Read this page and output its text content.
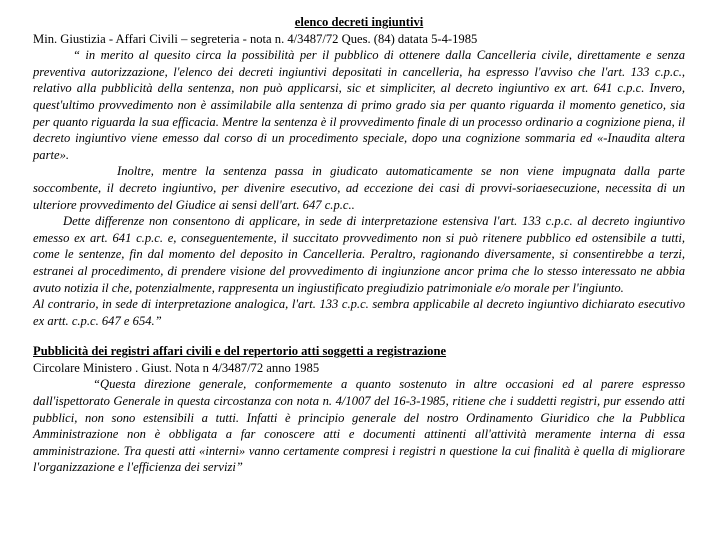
elenco decreti ingiuntivi

Min. Giustizia - Affari Civili – segreteria - nota n. 4/3487/72 Ques. (84) datata 5-4-1985

“ in merito al quesito circa la possibilità per il pubblico di ottenere dalla Cancelleria civile, direttamente e senza preventiva autorizzazione, l'elenco dei decreti ingiuntivi depositati in cancelleria, ha espresso l'avviso che l'art. 133 c.p.c., relativo alla pubblicità della sentenza, non può applicarsi, sic et simpliciter, al decreto ingiuntivo ex art. 641 c.p.c. Invero, quest'ultimo provvedimento non è assimilabile alla sentenza di primo grado sia per quanto riguarda il momento genetico, sia per quanto riguarda la sua efficacia. Mentre la sentenza è il provvedimento finale di un processo ordinario a cognizione piena, il decreto ingiuntivo viene emesso dal corso di un procedimento speciale, dopo una cognizione sommaria ed «-Inaudita altera parte».

Inoltre, mentre la sentenza passa in giudicato automaticamente se non viene impugnata dalla parte soccombente, il decreto ingiuntivo, per divenire esecutivo, ad eccezione dei casi di provvi-soriaesecuzione, necessita di un ulteriore provvedimento del Giudice ai sensi dell'art. 647 c.p.c..

Dette differenze non consentono di applicare, in sede di interpretazione estensiva l'art. 133 c.p.c. al decreto ingiuntivo emesso ex art. 641 c.p.c. e, conseguentemente, il succitato provvedimento non si può ritenere pubblico ed ostensibile a tutti, come le sentenze, fin dal momento del deposito in Cancelleria. Peraltro, ragionando diversamente, si consentirebbe a terzi, estranei al procedimento, di prendere visione del provvedimento di ingiunzione ancor prima che lo stesso interessato ne abbia avuto notizia il che, potenzialmente, rappresenta un ingiustificato pregiudizio patrimoniale e/o morale per l'ingiunto.

Al contrario, in sede di interpretazione analogica, l'art. 133 c.p.c. sembra applicabile al decreto ingiuntivo dichiarato esecutivo ex artt. c.p.c. 647 e 654.”

Pubblicità dei registri affari civili e del repertorio atti soggetti a registrazione

Circolare Ministero . Giust. Nota n 4/3487/72 anno 1985

“Questa direzione generale, conformemente a quanto sostenuto in altre occasioni ed al parere espresso dall'ispettorato Generale in questa circostanza con nota n. 4/1007 del 16-3-1985, ritiene che i suddetti registri, pur essendo atti pubblici, non sono estensibili a tutti. Infatti è principio generale del nostro Ordinamento Giuridico che la Pubblica Amministrazione non è obbligata a far conoscere atti e documenti attinenti all'attività meramente interna di essa amministrazione. Tra questi atti «interni» vanno certamente compresi i registri n questione la cui finalità è quella di migliorare l'organizzazione e l'efficienza dei servizi”
